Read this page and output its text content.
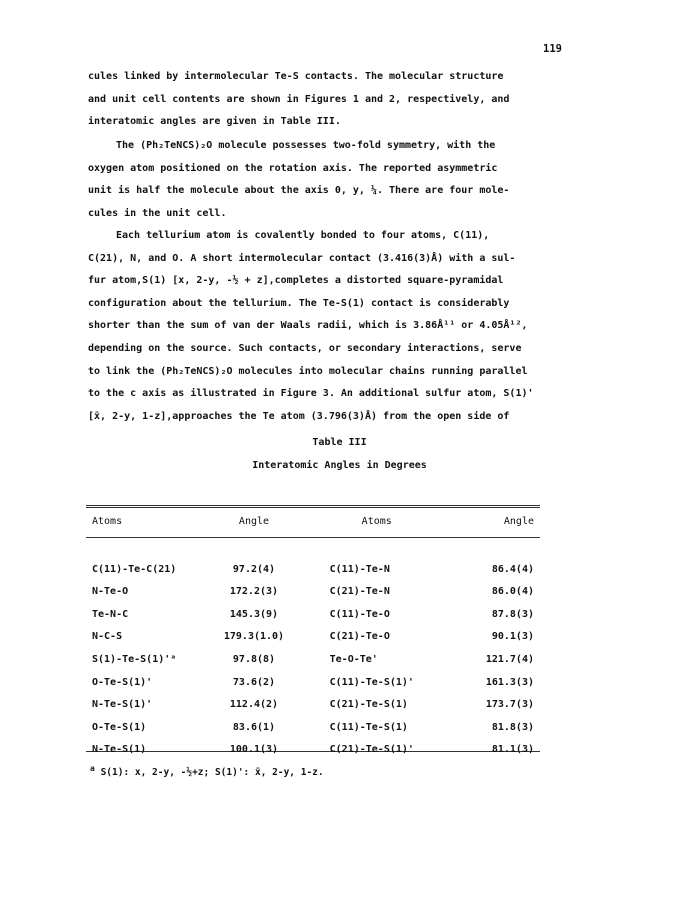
119
cules linked by intermolecular Te-S contacts. The molecular structure
and unit cell contents are shown in Figures 1 and 2, respectively, and
interatomic angles are given in Table III.
The (Ph₂TeNCS)₂O molecule possesses two-fold symmetry, with the
oxygen atom positioned on the rotation axis. The reported asymmetric
unit is half the molecule about the axis 0, y, ¼. There are four mole-
cules in the unit cell.
Each tellurium atom is covalently bonded to four atoms, C(11),
C(21), N, and O. A short intermolecular contact (3.416(3)Å) with a sul-
fur atom,S(1) [x, 2-y, -½ + z],completes a distorted square-pyramidal
configuration about the tellurium. The Te-S(1) contact is considerably
shorter than the sum of van der Waals radii, which is 3.86Å¹¹ or 4.05Å¹²,
depending on the source. Such contacts, or secondary interactions, serve
to link the (Ph₂TeNCS)₂O molecules into molecular chains running parallel
to the c axis as illustrated in Figure 3. An additional sulfur atom, S(1)'
[x̄, 2-y, 1-z],approaches the Te atom (3.796(3)Å) from the open side of
Table III
Interatomic Angles in Degrees
Atoms	Angle	Atoms	Angle

C(11)-Te-C(21)	97.2(4)	C(11)-Te-N	86.4(4)
N-Te-O	172.2(3)	C(21)-Te-N	86.0(4)
Te-N-C	145.3(9)	C(11)-Te-O	87.8(3)
N-C-S	179.3(1.0)	C(21)-Te-O	90.1(3)
S(1)-Te-S(1)'ᵃ	97.8(8)	Te-O-Te'	121.7(4)
O-Te-S(1)'	73.6(2)	C(11)-Te-S(1)'	161.3(3)
N-Te-S(1)'	112.4(2)	C(21)-Te-S(1)	173.7(3)
O-Te-S(1)	83.6(1)	C(11)-Te-S(1)	81.8(3)
N-Te-S(1)	100.1(3)	C(21)-Te-S(1)'	81.1(3)
$^a$ S(1): x, 2-y, -½+z; S(1)': x̄, 2-y, 1-z.
